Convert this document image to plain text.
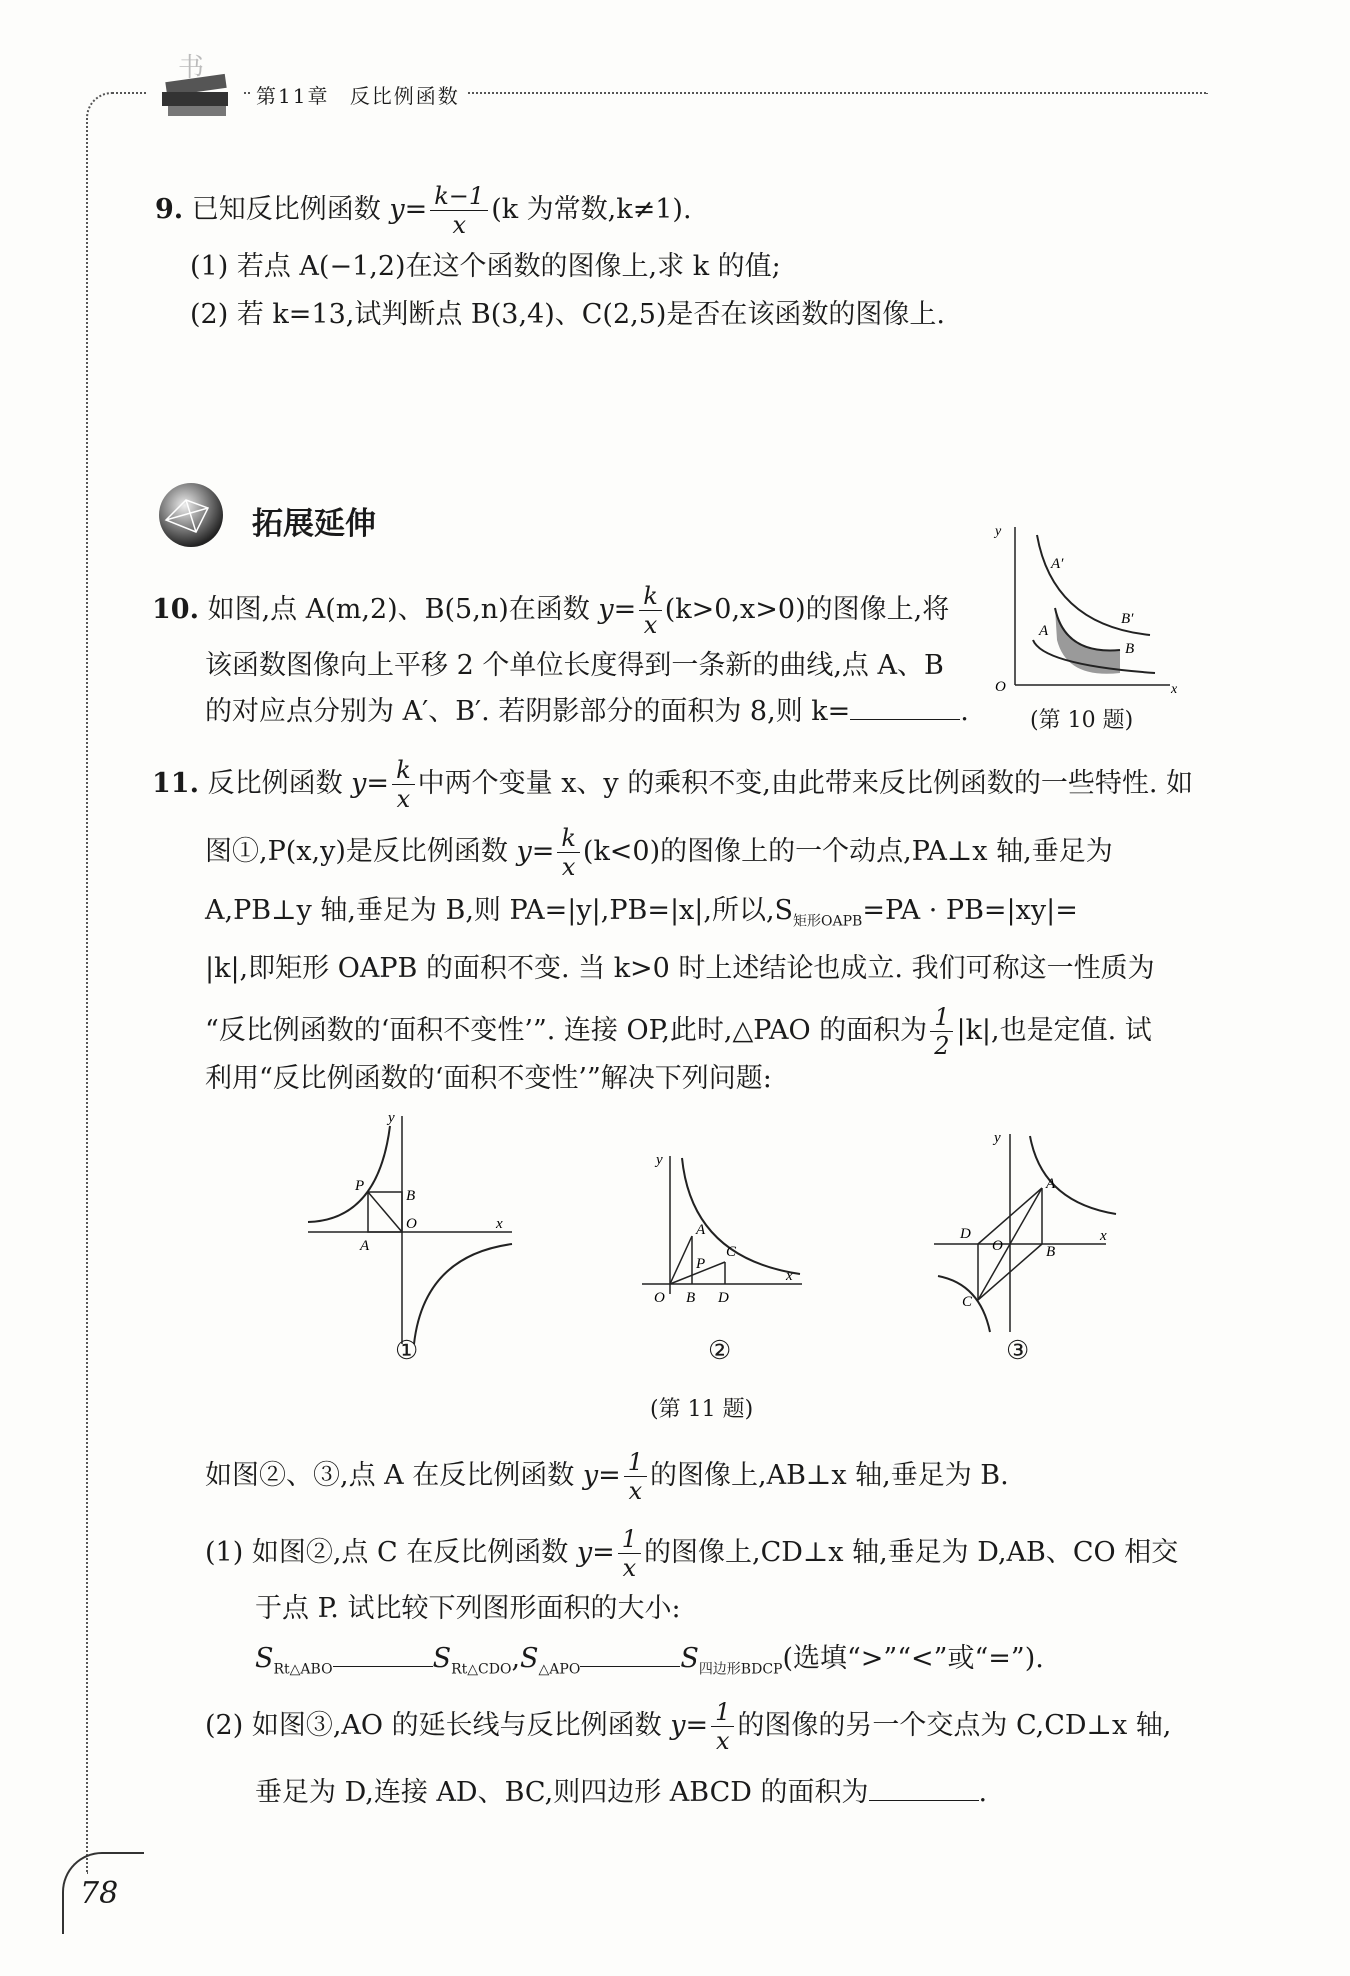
书
第11章 反比例函数
9. 已知反比例函数 $y= \frac{k-1}{x} (k$ 为常数,k≠1).
(1) 若点 A(−1,2)在这个函数的图像上,求 k 的值;
(2) 若 k=13,试判断点 B(3,4)、C(2,5)是否在该函数的图像上.
拓展延伸
10. 如图,点 A(m,2)、B(5,n)在函数 $y= \frac{k}{x} (k>0,x>0)$的图像上,将
该函数图像向上平移 2 个单位长度得到一条新的曲线,点 A、B
的对应点分别为 A′、B′. 若阴影部分的面积为 8,则 k=	.
y
x
O
A
B
A′
B′
(第 10 题)
11. 反比例函数 $y= \frac{k}{x}$ 中两个变量 x、y 的乘积不变,由此带来反比例函数的一些特性. 如
图①,P(x,y)是反比例函数 $y= \frac{k}{x} (k<0)$的图像上的一个动点,PA⊥x 轴,垂足为
A,PB⊥y 轴,垂足为 B,则 PA=|y|,PB=|x|,所以$,S_{矩形OAPB}=PA \cdot PB=|xy|=$
|k|,即矩形 OAPB 的面积不变. 当 k>0 时上述结论也成立. 我们可称这一性质为
“反比例函数的‘面积不变性’”. 连接 OP,此时,△PAO 的面积为 $\frac{1}{2} |k|$,也是定值. 试
利用“反比例函数的‘面积不变性’”解决下列问题:
y
x
O
P
B
A
①
y
x
O B D
A
C
P
②
y
x
O
A
B
C
D
③
(第 11 题)
如图②、③,点 A 在反比例函数 $y= \frac{1}{x}$ 的图像上,AB⊥x 轴,垂足为 B.
(1) 如图②,点 C 在反比例函数 $y= \frac{1}{x}$ 的图像上,CD⊥x 轴,垂足为 D,AB、CO 相交
于点 P. 试比较下列图形面积的大小:
$S_{Rt\triangle ABO}$	$S_{Rt\triangle CDO},S_{\triangle APO}$	$S_{四边形BDCP}$(选填“>”“<”或“=”).
(2) 如图③,AO 的延长线与反比例函数 $y= \frac{1}{x}$ 的图像的另一个交点为 C,CD⊥x 轴,
垂足为 D,连接 AD、BC,则四边形 ABCD 的面积为	.
78
